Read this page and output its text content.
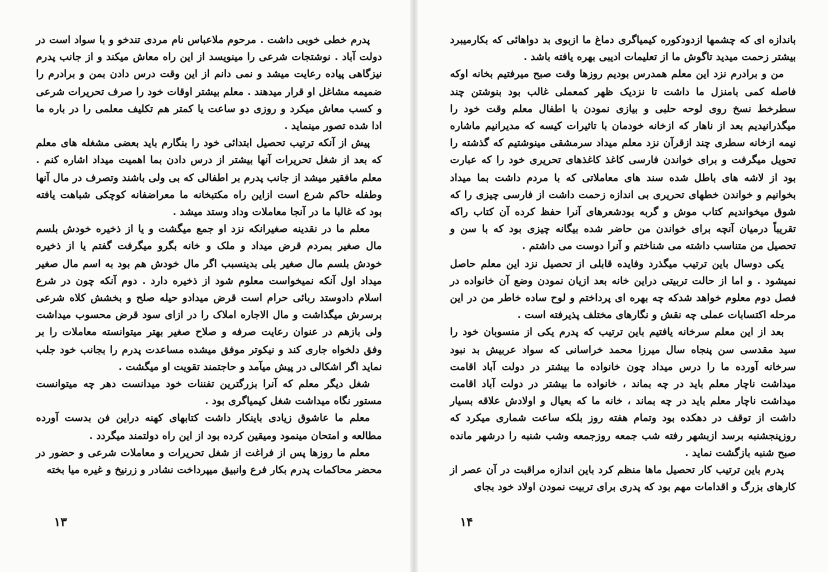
پدرم خطی خوبی داشت . مرحوم ملاعباس نام مردی تندخو و با سواد است در دولت آباد . نوشتجات شرعی را مینویسد از این راه معاش میکند و از جانب پدرم نیزگاهی پیاده رعایت میشد و نمی دانم از این وقت درس دادن بمن و برادرم را ضمیمه مشاغل او قرار میدهند . معلم بیشتر اوقات خود را صرف تحریرات شرعی و کسب معاش میکرد و روزی دو ساعت یا کمتر هم تکلیف معلمی را در باره ما ادا شده تصور مینماید .

پیش از آنکه ترتیب تحصیل ابتدائی خود را بنگارم باید بعضی مشغله های معلم که بعد از شغل تحریرات آنها بیشتر از درس دادن بما اهمیت میداد اشاره کنم . معلم مافقیر میشد از جانب پدرم بر اطفالی که بی ولی باشند وتصرف در مال آنها وطفله حاکم شرع است ازاین راه مکتبخانه ما معراضفانه کوچکی شباهت یافته بود که غالبا ما در آنجا معاملات وداد وستد میشد .

معلم ما در نقدینه صغیرانکه نزد او جمع میگشت و یا از ذخیره خودش بلسم مال صغیر بمردم قرض میداد و ملک و خانه بگرو میگرفت گفتم یا از ذخیره خودش بلسم مال صغیر بلی بدینسبب اگر مال خودش هم بود به اسم مال صغیر میداد اول آنکه نمیخواست معلوم شود از ذخیره دارد . دوم آنکه چون در شرع اسلام دادوستد ربائی حرام است قرض میدادو حیله صلح و بخشش کلاه شرعی برسرش میگذاشت و مال الاجاره املاک را در ازای سود قرض محسوب میداشت ولی بازهم در عنوان رعایت صرفه و صلاح صغیر بهتر میتوانسته معاملات را بر وفق دلخواه جاری کند و نیکوتر موفق میشده مساعدت پدرم را بجانب خود جلب نماید اگر اشکالی در پیش میآمد و حاجتمند تقویت او میگشت .

شغل دیگر معلم که آنرا بزرگترین تفننات خود میدانست دهر چه میتوانست مستور نگاه میداشت شغل کیمیاگری بود .

معلم ما عاشوق زیادی باینکار داشت کتابهای کهنه دراین فن بدست آورده مطالعه و امتحان مینمود ومیقین کرده بود از این راه دولتمند میگردد .

معلم ما روزها پس از فراغت از شغل تحریرات و معاملات شرعی و حضور در محضر محاکمات پدرم بکار فرع وانبیق میپرداخت نشادر و زرنیخ و غیره میا بخته

۱۳

باندازه ای که چشمها ازدودکوره کیمیاگری دماغ ما ازبوی بد دواهائی که بکارمیبرد بیشتر زحمت میدید تاگوش ما از تعلیمات ادیبی بهره یافته باشد .

من و برادرم نزد این معلم همدرس بودیم روزها وقت صبح میرفتیم بخانه اوکه فاصله کمی بامنزل ما داشت تا نزدیک ظهر کمعملی غالب بود بنوشتن چند سطرخط نسخ روی لوحه حلبی و بیازی نمودن با اطفال معلم وقت خود را میگذرانیدیم بعد از ناهار که ازخانه خودمان با تاثیرات کیسه که مدیرانیم ماشاره نیمه ازخانه سطری چند ازقرآن نزد معلم میداد سرمشقی مینوشتیم که گذشته را تحویل میگرفت و برای خواندن فارسی کاغذ کاغذهای تحریری خود را که عبارت بود از لاشه های باطل شده سند های معاملاتی که با مردم داشت بما میداد بخوانیم و خواندن خطهای تحریری بی اندازه زحمت داشت از فارسی چیزی را که شوق میخواندیم کتاب موش و گربه بودشعرهای آنرا حفظ کرده آن کتاب راکه تقریباً درمیان آنچه برای خواندن من حاضر شده بیگانه چیزی بود که با سن و تحصیل من متناسب داشته می شناختم و آنرا دوست می داشتم .

یکی دوسال باین ترتیب میگذرد وفایده قابلی از تحصیل نزد این معلم حاصل نمیشود . و اما از حالت تربیتی دراین خانه بعد ازیان نمودن وضع آن خانواده در فصل دوم معلوم خواهد شدکه چه بهره ای پرداختم و لوح ساده خاطر من در این مرحله اکتسابات عملی چه نقش و نگارهای مختلف پذیرفته است .

بعد از این معلم سرخانه یافتیم باین ترتیب که پدرم یکی از منسوبان خود را سید مقدسی سن پنجاه سال میرزا محمد خراسانی که سواد عربیش بد نبود سرخانه آورده ما را درس میداد چون خانواده ما بیشتر در دولت آباد اقامت میداشت ناچار معلم باید در چه بماند ، خانواده ما بیشتر در دولت آباد اقامت میداشت ناچار معلم باید در چه بماند ، خانه ما که بعیال و اولادش علاقه بسیار داشت از توقف در دهکده بود وتمام هفته روز بلکه ساعت شماری میکرد که روزپنجشنبه برسد ازبشهر رفته شب جمعه روزجمعه وشب شنبه را درشهر مانده صبح شنبه بازگشت نماید .

پدرم باین ترتیب کار تحصیل ماها منظم کرد باین اندازه مراقبت در آن عصر از کارهای بزرگ و اقدامات مهم بود که پدری برای تربیت نمودن اولاد خود بجای

۱۴
